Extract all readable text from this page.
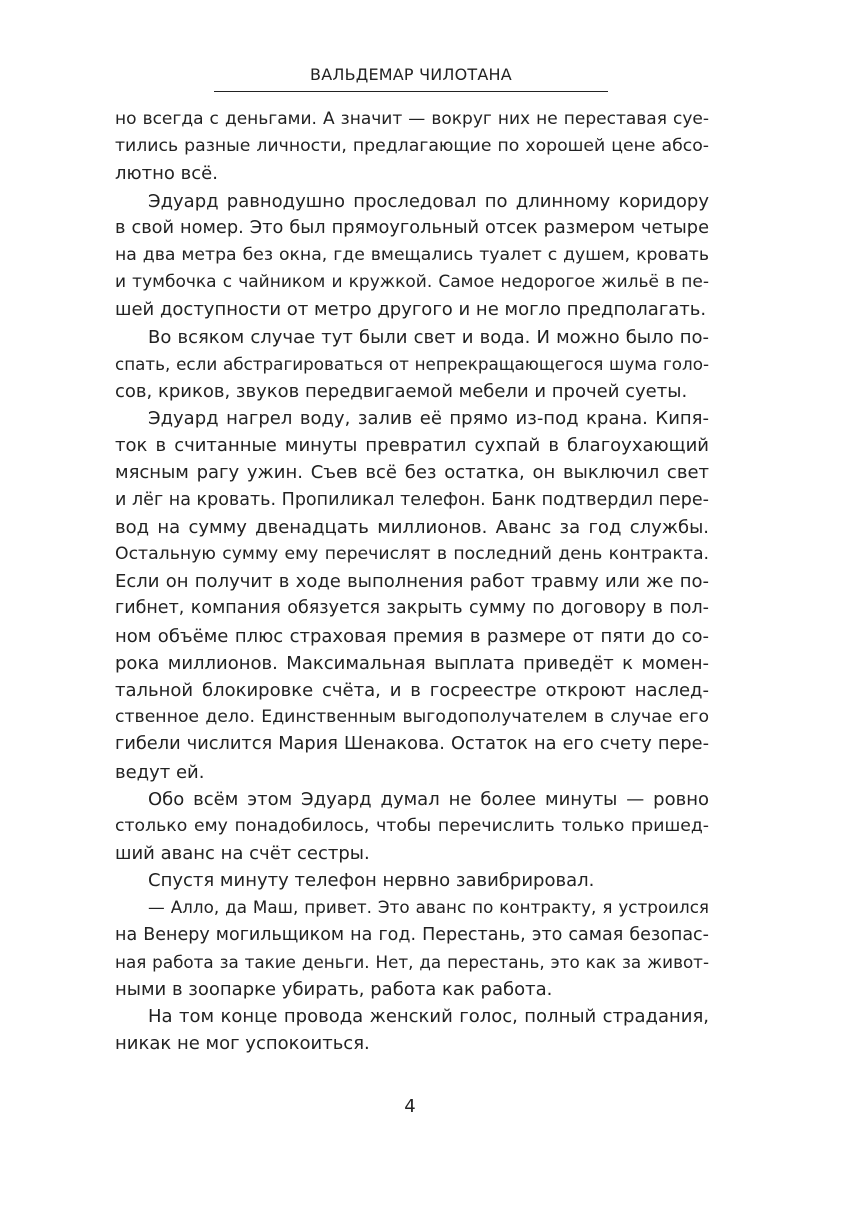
ВАЛЬДЕМАР ЧИЛОТАНА

но всегда с деньгами. А значит — вокруг них не переставая суе-
тились разные личности, предлагающие по хорошей цене абсо-
лютно всё.

Эдуард равнодушно проследовал по длинному коридору
в свой номер. Это был прямоугольный отсек размером четыре
на два метра без окна, где вмещались туалет с душем, кровать
и тумбочка с чайником и кружкой. Самое недорогое жильё в пе-
шей доступности от метро другого и не могло предполагать.

Во всяком случае тут были свет и вода. И можно было по-
спать, если абстрагироваться от непрекращающегося шума голо-
сов, криков, звуков передвигаемой мебели и прочей суеты.

Эдуард нагрел воду, залив её прямо из-под крана. Кипя-
ток в считанные минуты превратил сухпай в благоухающий
мясным рагу ужин. Съев всё без остатка, он выключил свет
и лёг на кровать. Пропиликал телефон. Банк подтвердил пере-
вод на сумму двенадцать миллионов. Аванс за год службы.
Остальную сумму ему перечислят в последний день контракта.
Если он получит в ходе выполнения работ травму или же по-
гибнет, компания обязуется закрыть сумму по договору в пол-
ном объёме плюс страховая премия в размере от пяти до со-
рока миллионов. Максимальная выплата приведёт к момен-
тальной блокировке счёта, и в госреестре откроют наслед-
ственное дело. Единственным выгодополучателем в случае его
гибели числится Мария Шенакова. Остаток на его счету пере-
ведут ей.

Обо всём этом Эдуард думал не более минуты — ровно
столько ему понадобилось, чтобы перечислить только пришед-
ший аванс на счёт сестры.

Спустя минуту телефон нервно завибрировал.

— Алло, да Маш, привет. Это аванс по контракту, я устроился
на Венеру могильщиком на год. Перестань, это самая безопас-
ная работа за такие деньги. Нет, да перестань, это как за живот-
ными в зоопарке убирать, работа как работа.

На том конце провода женский голос, полный страдания,
никак не мог успокоиться.

4
